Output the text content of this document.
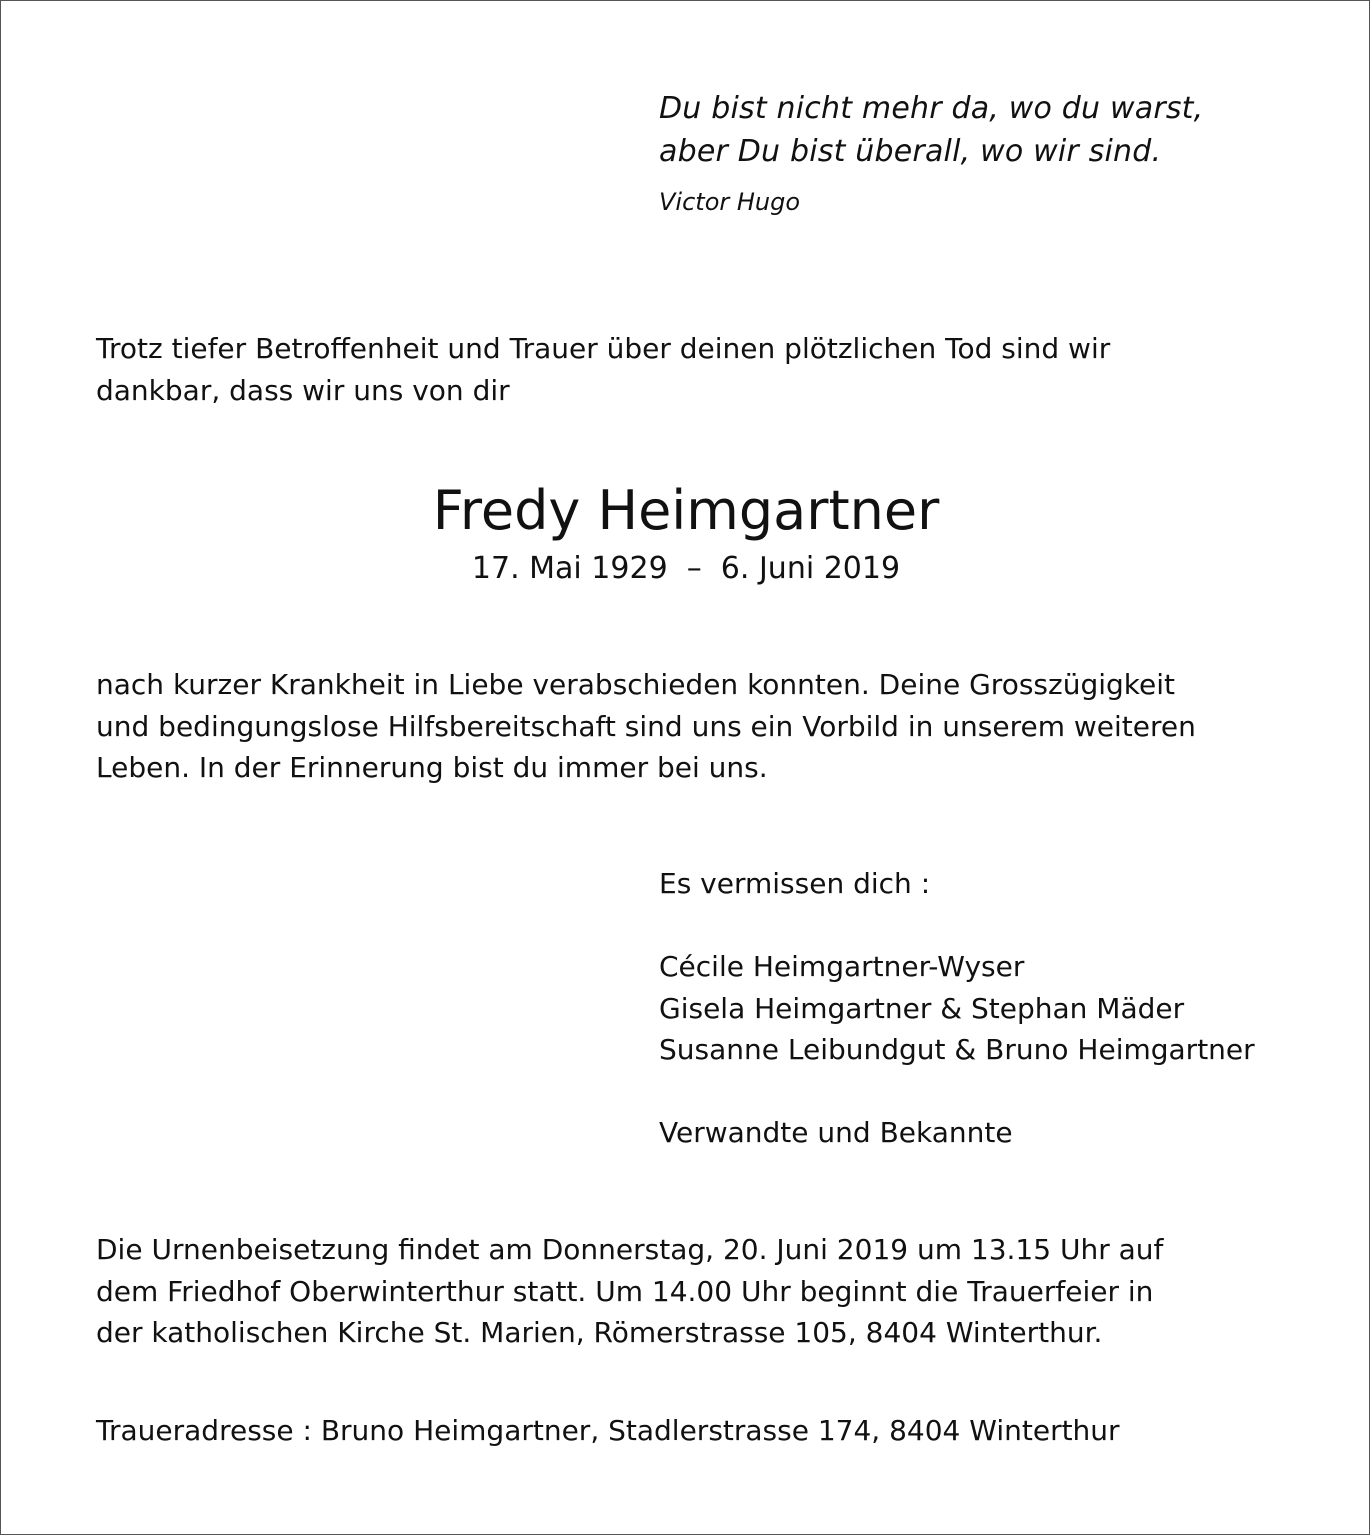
Du bist nicht mehr da, wo du warst,
aber Du bist überall, wo wir sind.
Victor Hugo
Trotz tiefer Betroffenheit und Trauer über deinen plötzlichen Tod sind wir
dankbar, dass wir uns von dir
Fredy Heimgartner
17. Mai 1929  –  6. Juni 2019
nach kurzer Krankheit in Liebe verabschieden konnten. Deine Grosszügigkeit
und bedingungslose Hilfsbereitschaft sind uns ein Vorbild in unserem weiteren
Leben. In der Erinnerung bist du immer bei uns.
Es vermissen dich :
Cécile Heimgartner-Wyser
Gisela Heimgartner & Stephan Mäder
Susanne Leibundgut & Bruno Heimgartner
Verwandte und Bekannte
Die Urnenbeisetzung findet am Donnerstag, 20. Juni 2019 um 13.15 Uhr auf
dem Friedhof Oberwinterthur statt. Um 14.00 Uhr beginnt die Trauerfeier in
der katholischen Kirche St. Marien, Römerstrasse 105, 8404 Winterthur.
Traueradresse : Bruno Heimgartner, Stadlerstrasse 174, 8404 Winterthur
